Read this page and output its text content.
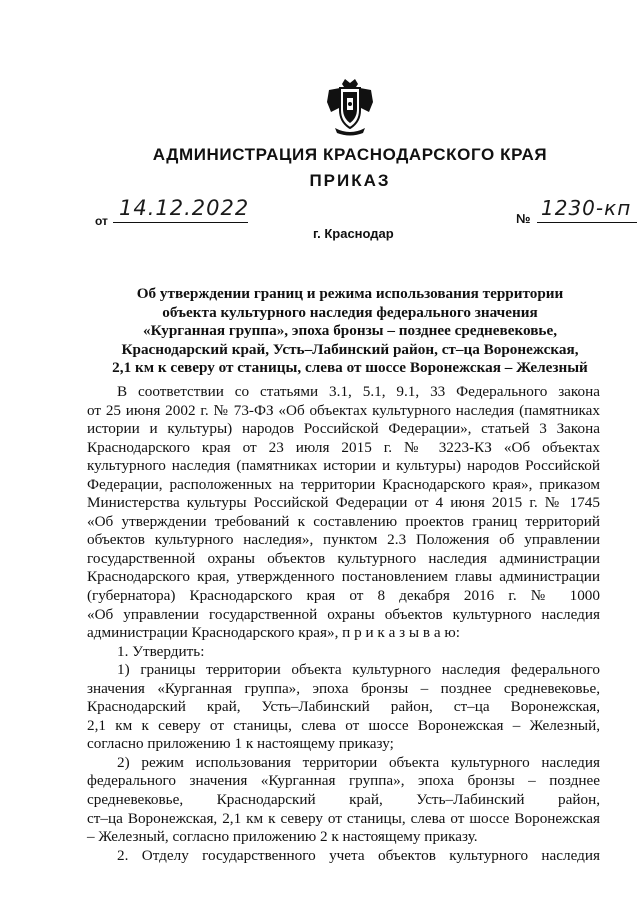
АДМИНИСТРАЦИЯ КРАСНОДАРСКОГО КРАЯ
ПРИКАЗ
от
14.12.2022	№ 1230-кп
г. Краснодар
Об утверждении границ и режима использования территории
объекта культурного наследия федерального значения
«Курганная группа», эпоха бронзы – позднее средневековье,
Краснодарский край, Усть–Лабинский район, ст–ца Воронежская,
2,1 км к северу от станицы, слева от шоссе Воронежская – Железный
В соответствии со статьями 3.1, 5.1, 9.1, 33 Федерального закона
от 25 июня 2002 г. № 73-ФЗ «Об объектах культурного наследия (памятниках
истории и культуры) народов Российской Федерации», статьей 3 Закона
Краснодарского края от 23 июля 2015 г. № 3223-КЗ «Об объектах
культурного наследия (памятниках истории и культуры) народов Российской
Федерации, расположенных на территории Краснодарского края», приказом
Министерства культуры Российской Федерации от 4 июня 2015 г. № 1745
«Об утверждении требований к составлению проектов границ территорий
объектов культурного наследия», пунктом 2.3 Положения об управлении
государственной охраны объектов культурного наследия администрации
Краснодарского края, утвержденного постановлением главы администрации
(губернатора) Краснодарского края от 8 декабря 2016 г. № 1000
«Об управлении государственной охраны объектов культурного наследия
администрации Краснодарского края», п р и к а з ы в а ю:
1. Утвердить:
1) границы территории объекта культурного наследия федерального
значения «Курганная группа», эпоха бронзы – позднее средневековье,
Краснодарский край, Усть–Лабинский район, ст–ца Воронежская,
2,1 км к северу от станицы, слева от шоссе Воронежская – Железный,
согласно приложению 1 к настоящему приказу;
2) режим использования территории объекта культурного наследия
федерального значения «Курганная группа», эпоха бронзы – позднее
средневековье, Краснодарский край, Усть–Лабинский район,
ст–ца Воронежская, 2,1 км к северу от станицы, слева от шоссе Воронежская
– Железный, согласно приложению 2 к настоящему приказу.
2. Отделу государственного учета объектов культурного наследия
